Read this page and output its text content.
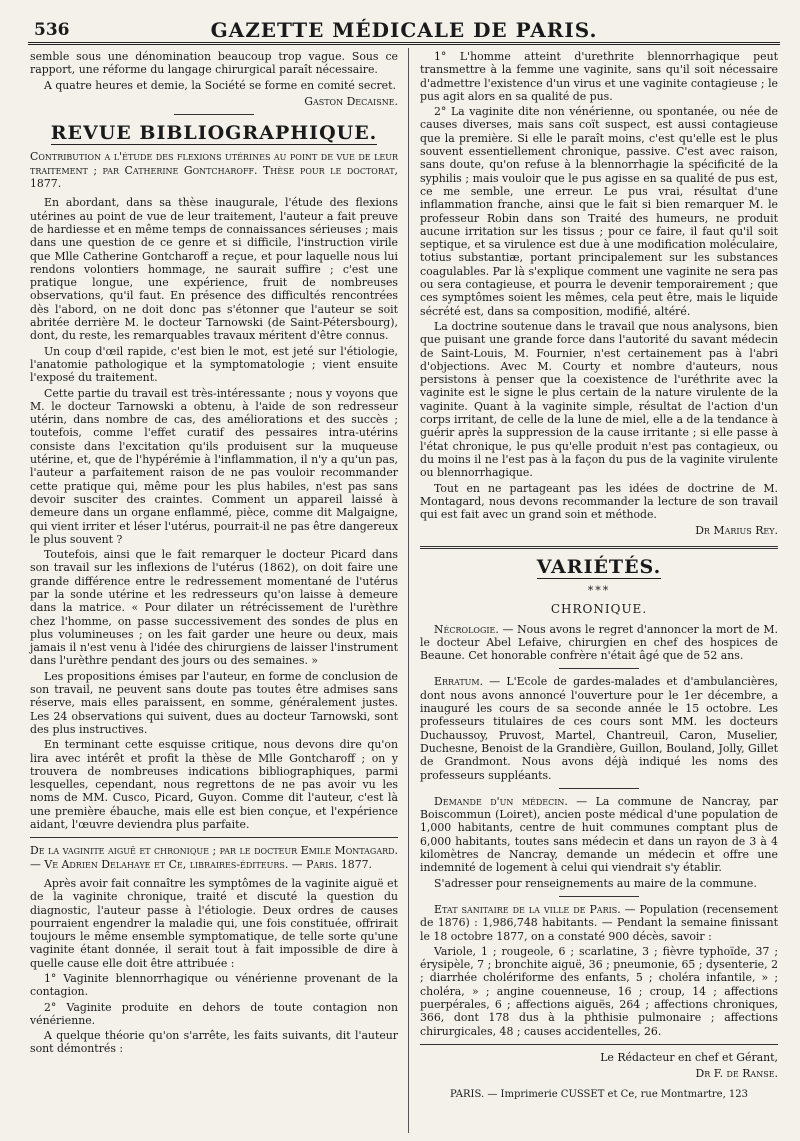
536	GAZETTE MÉDICALE DE PARIS.

semble sous une dénomination beaucoup trop vague. Sous ce rapport, une réforme du langage chirurgical paraît nécessaire.

A quatre heures et demie, la Société se forme en comité secret.

Gaston Decaisne.
REVUE BIBLIOGRAPHIQUE.

Contribution a l'étude des flexions utérines au point de vue de leur traitement ; par Catherine Gontcharoff. Thèse pour le doctorat, 1877.

En abordant, dans sa thèse inaugurale, l'étude des flexions utérines au point de vue de leur traitement, l'auteur a fait preuve de hardiesse et en même temps de connaissances sérieuses ; mais dans une question de ce genre et si difficile, l'instruction virile que Mlle Catherine Gontcharoff a reçue, et pour laquelle nous lui rendons volontiers hommage, ne saurait suffire ; c'est une pratique longue, une expérience, fruit de nombreuses observations, qu'il faut. En présence des difficultés rencontrées dès l'abord, on ne doit donc pas s'étonner que l'auteur se soit abritée derrière M. le docteur Tarnowski (de Saint-Pétersbourg), dont, du reste, les remarquables travaux méritent d'être connus.

Un coup d'œil rapide, c'est bien le mot, est jeté sur l'étiologie, l'anatomie pathologique et la symptomatologie ; vient ensuite l'exposé du traitement.

Cette partie du travail est très-intéressante ; nous y voyons que M. le docteur Tarnowski a obtenu, à l'aide de son redresseur utérin, dans nombre de cas, des améliorations et des succès ; toutefois, comme l'effet curatif des pessaires intra-utérins consiste dans l'excitation qu'ils produisent sur la muqueuse utérine, et, que de l'hypérémie à l'inflammation, il n'y a qu'un pas, l'auteur a parfaitement raison de ne pas vouloir recommander cette pratique qui, même pour les plus habiles, n'est pas sans devoir susciter des craintes. Comment un appareil laissé à demeure dans un organe enflammé, pièce, comme dit Malgaigne, qui vient irriter et léser l'utérus, pourrait-il ne pas être dangereux le plus souvent ?

Toutefois, ainsi que le fait remarquer le docteur Picard dans son travail sur les inflexions de l'utérus (1862), on doit faire une grande différence entre le redressement momentané de l'utérus par la sonde utérine et les redresseurs qu'on laisse à demeure dans la matrice. « Pour dilater un rétrécissement de l'urèthre chez l'homme, on passe successivement des sondes de plus en plus volumineuses ; on les fait garder une heure ou deux, mais jamais il n'est venu à l'idée des chirurgiens de laisser l'instrument dans l'urèthre pendant des jours ou des semaines. »

Les propositions émises par l'auteur, en forme de conclusion de son travail, ne peuvent sans doute pas toutes être admises sans réserve, mais elles paraissent, en somme, généralement justes. Les 24 observations qui suivent, dues au docteur Tarnowski, sont des plus instructives.

En terminant cette esquisse critique, nous devons dire qu'on lira avec intérêt et profit la thèse de Mlle Gontcharoff ; on y trouvera de nombreuses indications bibliographiques, parmi lesquelles, cependant, nous regrettons de ne pas avoir vu les noms de MM. Cusco, Picard, Guyon. Comme dit l'auteur, c'est là une première ébauche, mais elle est bien conçue, et l'expérience aidant, l'œuvre deviendra plus parfaite.

De la vaginite aiguë et chronique ; par le docteur Emile Montagard. — Ve Adrien Delahaye et Ce, libraires-éditeurs. — Paris. 1877.

Après avoir fait connaître les symptômes de la vaginite aiguë et de la vaginite chronique, traité et discuté la question du diagnostic, l'auteur passe à l'étiologie. Deux ordres de causes pourraient engendrer la maladie qui, une fois constituée, offrirait toujours le même ensemble symptomatique, de telle sorte qu'une vaginite étant donnée, il serait tout à fait impossible de dire à quelle cause elle doit être attribuée :

1° Vaginite blennorrhagique ou vénérienne provenant de la contagion.

2° Vaginite produite en dehors de toute contagion non vénérienne.

A quelque théorie qu'on s'arrête, les faits suivants, dit l'auteur sont démontrés :

1° L'homme atteint d'urethrite blennorrhagique peut transmettre à la femme une vaginite, sans qu'il soit nécessaire d'admettre l'existence d'un virus et une vaginite contagieuse ; le pus agit alors en sa qualité de pus.

2° La vaginite dite non vénérienne, ou spontanée, ou née de causes diverses, mais sans coït suspect, est aussi contagieuse que la première. Si elle le paraît moins, c'est qu'elle est le plus souvent essentiellement chronique, passive. C'est avec raison, sans doute, qu'on refuse à la blennorrhagie la spécificité de la syphilis ; mais vouloir que le pus agisse en sa qualité de pus est, ce me semble, une erreur. Le pus vrai, résultat d'une inflammation franche, ainsi que le fait si bien remarquer M. le professeur Robin dans son Traité des humeurs, ne produit aucune irritation sur les tissus ; pour ce faire, il faut qu'il soit septique, et sa virulence est due à une modification moléculaire, totius substantiæ, portant principalement sur les substances coagulables. Par là s'explique comment une vaginite ne sera pas ou sera contagieuse, et pourra le devenir temporairement ; que ces symptômes soient les mêmes, cela peut être, mais le liquide sécrété est, dans sa composition, modifié, altéré.

La doctrine soutenue dans le travail que nous analysons, bien que puisant une grande force dans l'autorité du savant médecin de Saint-Louis, M. Fournier, n'est certainement pas à l'abri d'objections. Avec M. Courty et nombre d'auteurs, nous persistons à penser que la coexistence de l'uréthrite avec la vaginite est le signe le plus certain de la nature virulente de la vaginite. Quant à la vaginite simple, résultat de l'action d'un corps irritant, de celle de la lune de miel, elle a de la tendance à guérir après la suppression de la cause irritante ; si elle passe à l'état chronique, le pus qu'elle produit n'est pas contagieux, ou du moins il ne l'est pas à la façon du pus de la vaginite virulente ou blennorrhagique.

Tout en ne partageant pas les idées de doctrine de M. Montagard, nous devons recommander la lecture de son travail qui est fait avec un grand soin et méthode.

Dr Marius Rey.
VARIÉTÉS.
***
CHRONIQUE.

Nécrologie. — Nous avons le regret d'annoncer la mort de M. le docteur Abel Lefaive, chirurgien en chef des hospices de Beaune. Cet honorable confrère n'était âgé que de 52 ans.

Erratum. — L'Ecole de gardes-malades et d'ambulancières, dont nous avons annoncé l'ouverture pour le 1er décembre, a inauguré les cours de sa seconde année le 15 octobre. Les professeurs titulaires de ces cours sont MM. les docteurs Duchaussoy, Pruvost, Martel, Chantreuil, Caron, Muselier, Duchesne, Benoist de la Grandière, Guillon, Bouland, Jolly, Gillet de Grandmont. Nous avons déjà indiqué les noms des professeurs suppléants.

Demande d'un médecin. — La commune de Nancray, par Boiscommun (Loiret), ancien poste médical d'une population de 1,000 habitants, centre de huit communes comptant plus de 6,000 habitants, toutes sans médecin et dans un rayon de 3 à 4 kilomètres de Nancray, demande un médecin et offre une indemnité de logement à celui qui viendrait s'y établir.

S'adresser pour renseignements au maire de la commune.

Etat sanitaire de la ville de Paris. — Population (recensement de 1876) : 1,986,748 habitants. — Pendant la semaine finissant le 18 octobre 1877, on a constaté 900 décès, savoir :

Variole, 1 ; rougeole, 6 ; scarlatine, 3 ; fièvre typhoïde, 37 ; érysipèle, 7 ; bronchite aiguë, 36 ; pneumonie, 65 ; dysenterie, 2 ; diarrhée cholériforme des enfants, 5 ; choléra infantile, » ; choléra, » ; angine couenneuse, 16 ; croup, 14 ; affections puerpérales, 6 ; affections aiguës, 264 ; affections chroniques, 366, dont 178 dus à la phthisie pulmonaire ; affections chirurgicales, 48 ; causes accidentelles, 26.

Le Rédacteur en chef et Gérant,
Dr F. de Ranse.
PARIS. — Imprimerie CUSSET et Ce, rue Montmartre, 123
